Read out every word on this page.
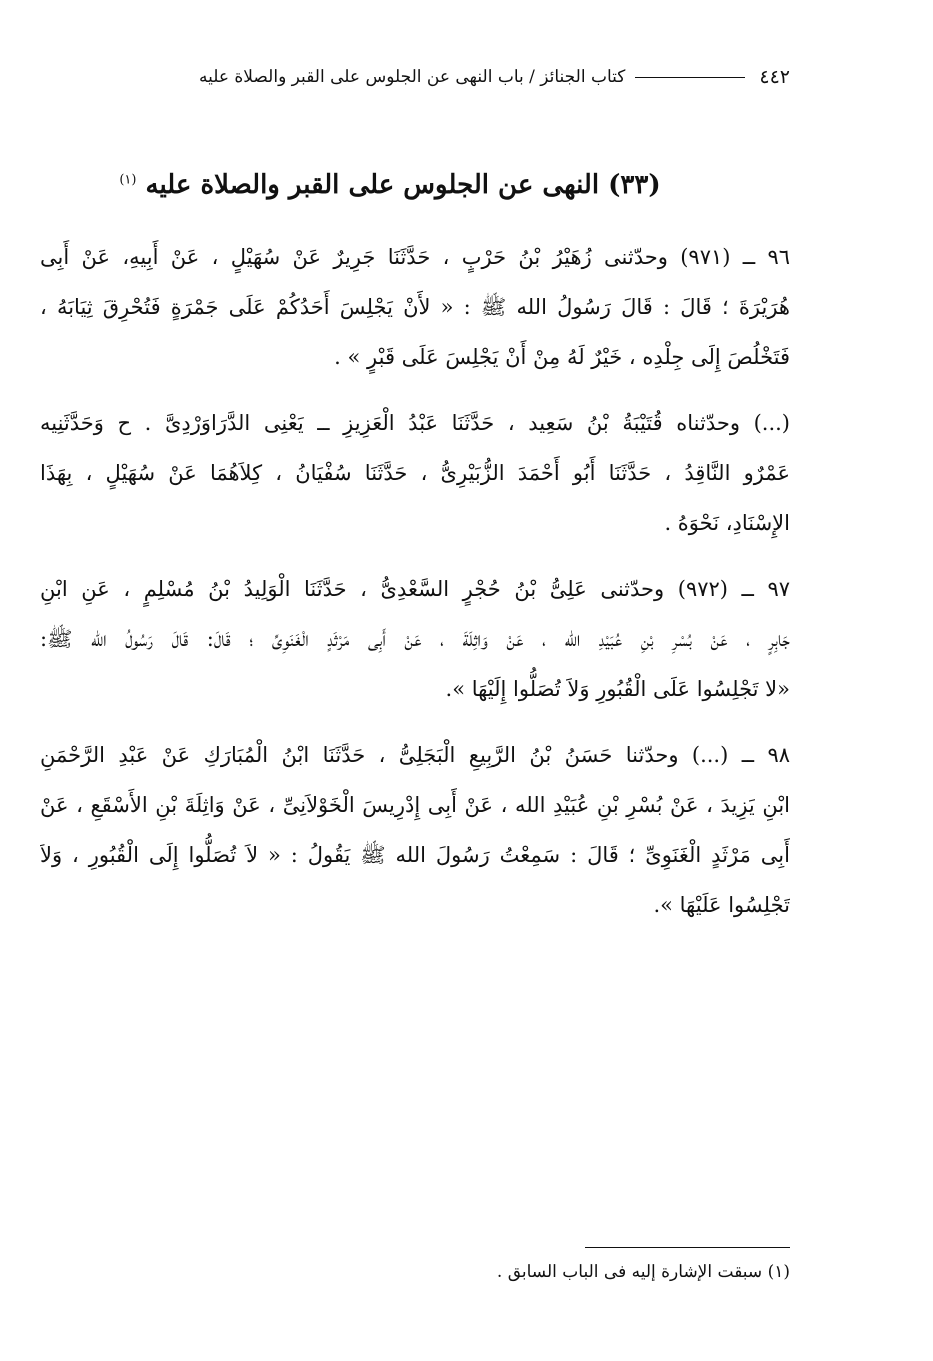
٤٤٢
كتاب الجنائز / باب النهى عن الجلوس على القبر والصلاة عليه
(٣٣) النهى عن الجلوس على القبر والصلاة عليه $^{(١)}$
٩٦ ــ (٩٧١) وحدّثنى زُهَيْرُ بْنُ حَرْبٍ ، حَدَّثَنَا جَرِيرٌ عَنْ سُهَيْلٍ ، عَنْ أَبِيهِ، عَنْ أَبِى
هُرَيْرَةَ ؛ قَالَ : قَالَ رَسُولُ الله ﷺ : « لأَنْ يَجْلِسَ أَحَدُكُمْ عَلَى جَمْرَةٍ فَتُحْرِقَ ثِيَابَهُ ،
فَتَخْلُصَ إِلَى جِلْدِه ، خَيْرٌ لَهُ مِنْ أَنْ يَجْلِسَ عَلَى قَبْرٍ » .
(...) وحدّثناه قُتَيْبَةُ بْنُ سَعِيد ، حَدَّثَنَا عَبْدُ الْعَزِيزِ ــ يَعْنِى الدَّرَاوَرْدِىَّ . ح وَحَدَّثَنِيه
عَمْرٌو النَّاقِدُ ، حَدَّثَنَا أَبُو أَحْمَدَ الزُّبَيْرِىُّ ، حَدَّثَنَا سُفْيَانُ ، كِلاَهُمَا عَنْ سُهَيْلٍ ، بِهَذَا
الإِسْنَادِ، نَحْوَهُ .
٩٧ ــ (٩٧٢) وحدّثنى عَلِىُّ بْنُ حُجْرٍ السَّعْدِىُّ ، حَدَّثَنَا الْوَلِيدُ بْنُ مُسْلِمٍ ، عَنِ ابْنِ
جَابِرٍ ، عَنْ بُسْرِ بْنِ عُبَيْدِ الله ، عَنْ وَاثِلَةَ ، عَنْ أَبِى مَرْثَدٍ الْغَنَوِىِّ ؛ قَالَ: قَالَ رَسُولُ الله ﷺ:
«لا تَجْلِسُوا عَلَى الْقُبُورِ وَلاَ تُصَلُّوا إِلَيْهَا ».
٩٨ ــ (...) وحدّثنا حَسَنُ بْنُ الرَّبِيعِ الْبَجَلِىُّ ، حَدَّثَنَا ابْنُ الْمُبَارَكِ عَنْ عَبْدِ الرَّحْمَنِ
ابْنِ يَزِيدَ ، عَنْ بُسْرِ بْنِ عُبَيْدِ الله ، عَنْ أَبِى إِدْرِيسَ الْخَوْلاَنِىِّ ، عَنْ وَاثِلَةَ بْنِ الأَسْقَعِ ، عَنْ
أَبِى مَرْثَدٍ الْغَنَوِىِّ ؛ قَالَ : سَمِعْتُ رَسُولَ الله ﷺ يَقُولُ : « لاَ تُصَلُّوا إِلَى الْقُبُورِ ، وَلاَ
تَجْلِسُوا عَلَيْهَا ».
(١) سبقت الإشارة إليه فى الباب السابق .
